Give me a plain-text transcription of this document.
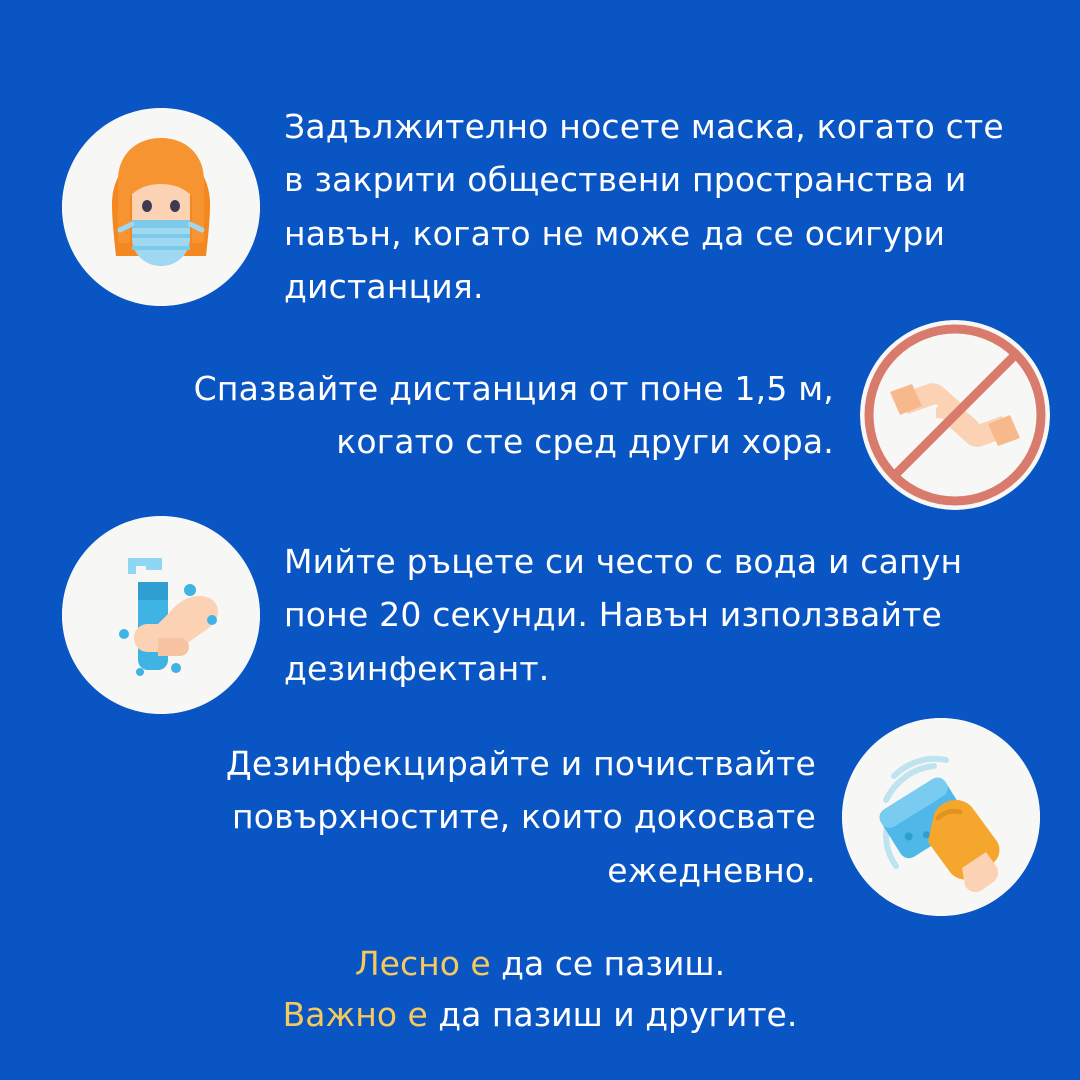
Задължително носете маска, когато сте в закрити обществени пространства и навън, когато не може да се осигури дистанция.
Спазвайте дистанция от поне 1,5 м, когато сте сред други хора.
Мийте ръцете си често с вода и сапун поне 20 секунди. Навън използвайте дезинфектант.
Дезинфекцирайте и почиствайте повърхностите, които докосвате ежедневно.
Лесно е да се пазиш.
Важно е да пазиш и другите.
